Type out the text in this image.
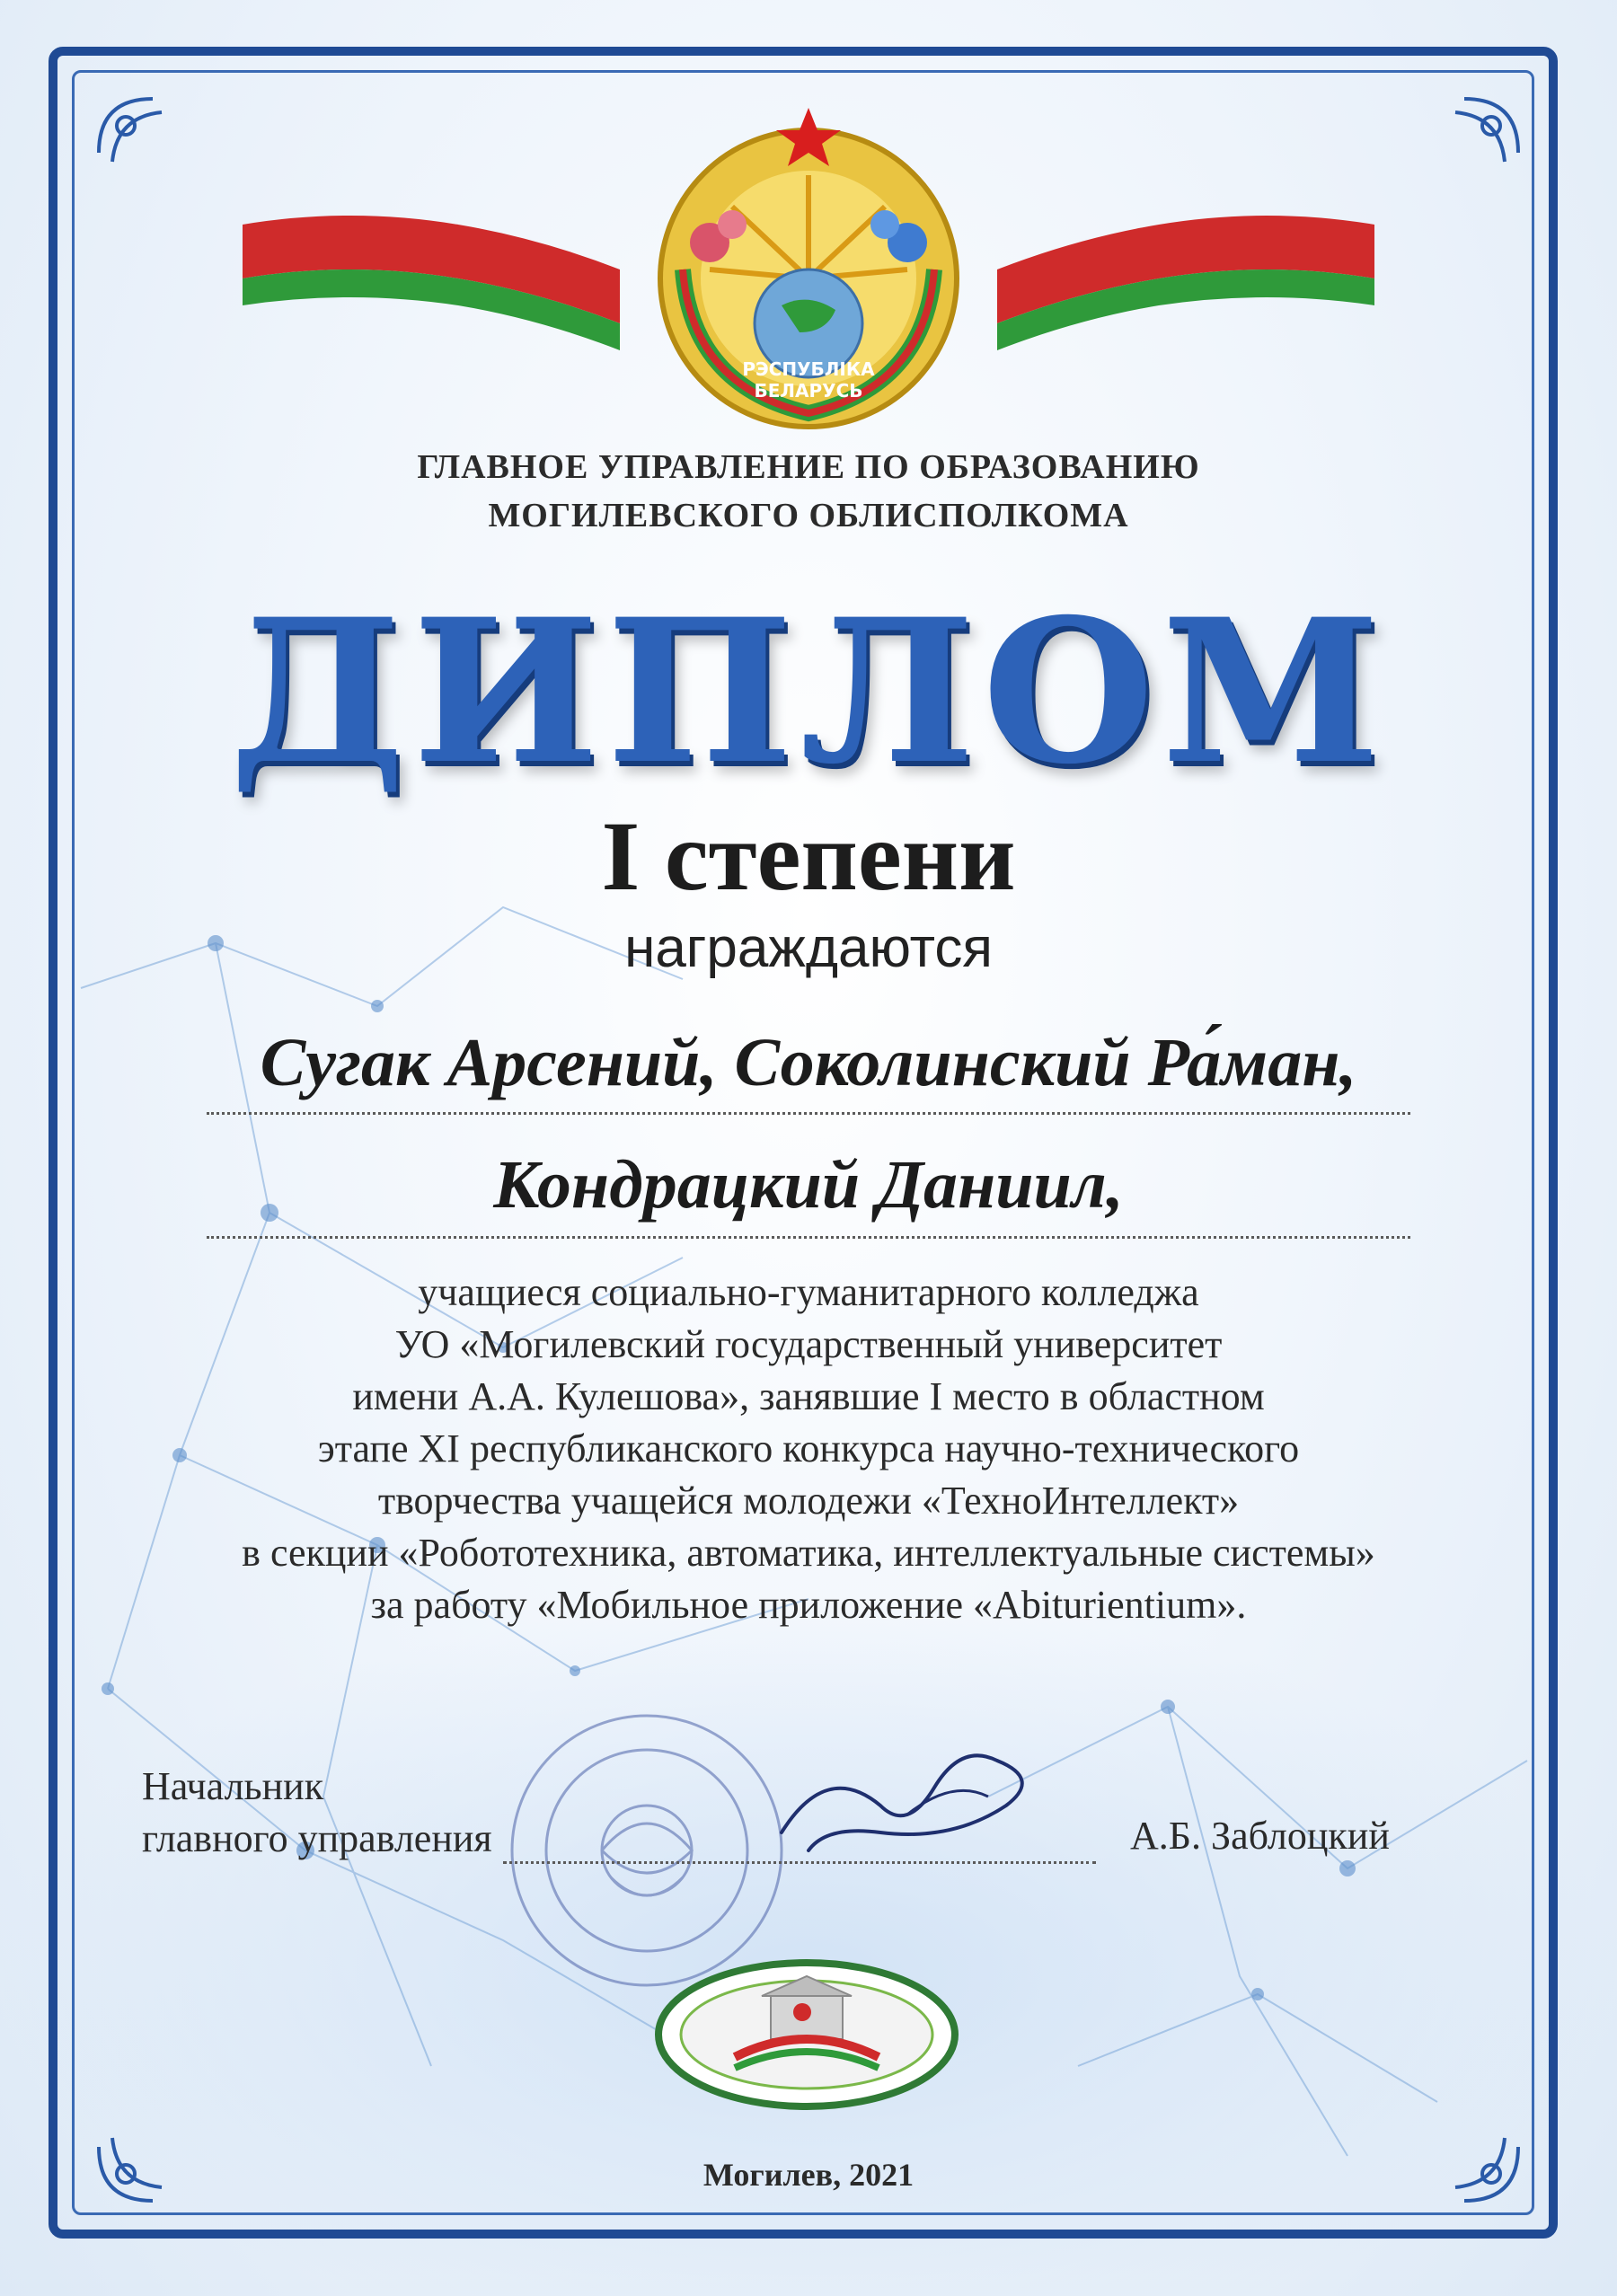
РЭСПУБЛІКА
БЕЛАРУСЬ
ГЛАВНОЕ УПРАВЛЕНИЕ ПО ОБРАЗОВАНИЮ
МОГИЛЕВСКОГО ОБЛИСПОЛКОМА
ДИПЛОМ
I степени
награждаются
Сугак Арсений, Соколинский Ра́ман,
Кондрацкий Даниил,
учащиеся социально-гуманитарного колледжа
УО «Могилевский государственный университет
имени А.А. Кулешова», занявшие I место в областном
этапе XI республиканского конкурса научно-технического
творчества учащейся молодежи «ТехноИнтеллект»
в секции «Робототехника, автоматика, интеллектуальные системы»
за работу «Мобильное приложение «Abiturientium».
Начальник
главного управления	А.Б. Заблоцкий
Могилев, 2021
